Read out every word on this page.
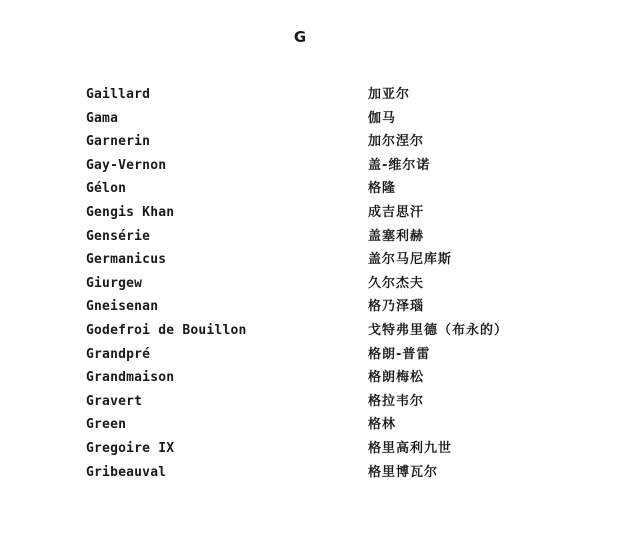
G
Gaillard	加亚尔
Gama	伽马
Garnerin	加尔涅尔
Gay-Vernon	盖-维尔诺
Gélon	格隆
Gengis Khan	成吉思汗
Gensérie	盖塞利赫
Germanicus	盖尔马尼库斯
Giurgew	久尔杰夫
Gneisenan	格乃泽瑙
Godefroi de Bouillon	戈特弗里德（布永的）
Grandpré	格朗-普雷
Grandmaison	格朗梅松
Gravert	格拉韦尔
Green	格林
Gregoire IX	格里高利九世
Gribeauval	格里博瓦尔
